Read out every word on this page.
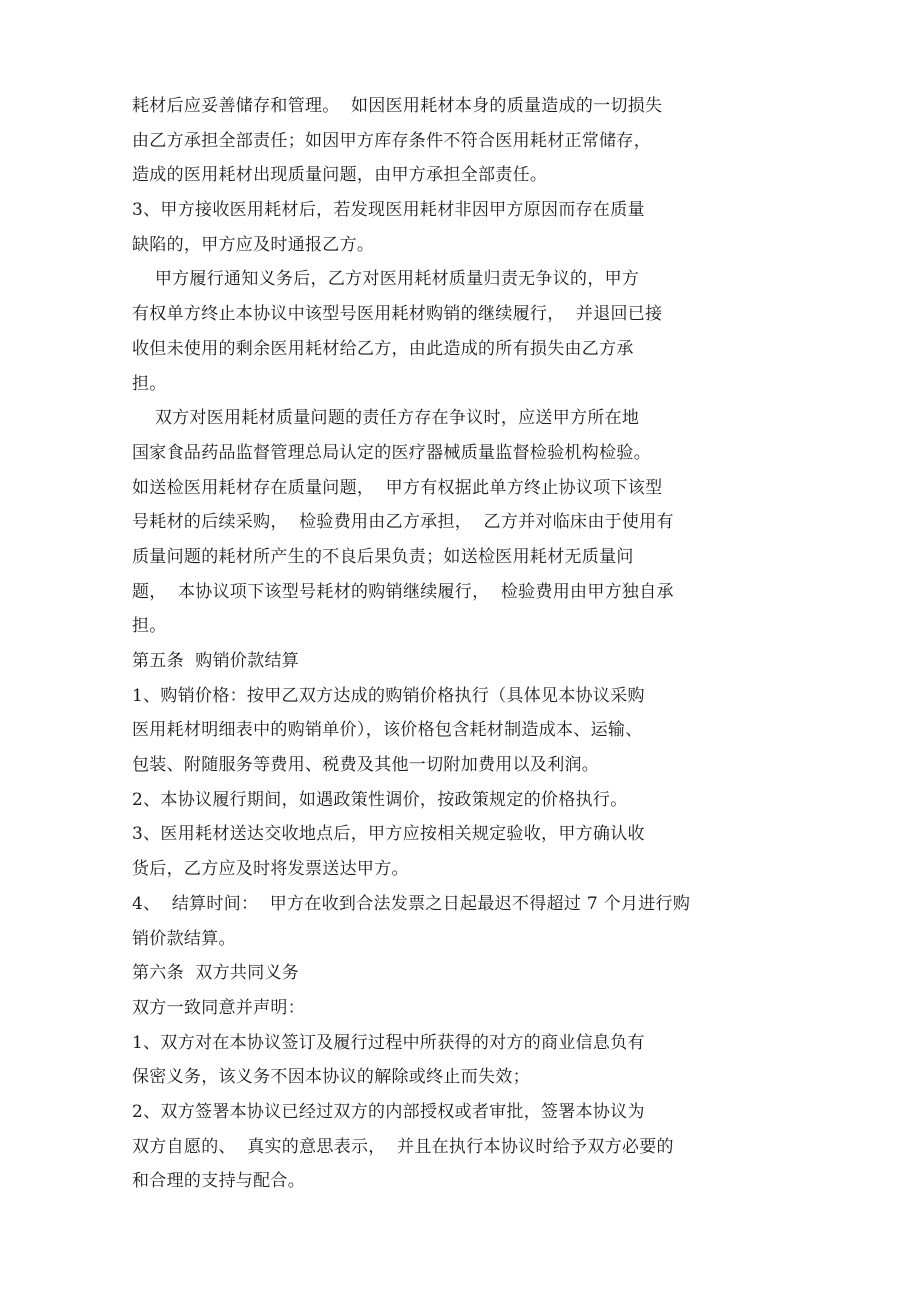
耗材后应妥善储存和管理。  如因医用耗材本身的质量造成的一切损失
由乙方承担全部责任；如因甲方库存条件不符合医用耗材正常储存，
造成的医用耗材出现质量问题，由甲方承担全部责任。
3、甲方接收医用耗材后，若发现医用耗材非因甲方原因而存在质量
缺陷的，甲方应及时通报乙方。
甲方履行通知义务后，乙方对医用耗材质量归责无争议的，甲方
有权单方终止本协议中该型号医用耗材购销的继续履行，  并退回已接
收但未使用的剩余医用耗材给乙方，由此造成的所有损失由乙方承
担。
双方对医用耗材质量问题的责任方存在争议时，应送甲方所在地
国家食品药品监督管理总局认定的医疗器械质量监督检验机构检验。
如送检医用耗材存在质量问题，  甲方有权据此单方终止协议项下该型
号耗材的后续采购，  检验费用由乙方承担，  乙方并对临床由于使用有
质量问题的耗材所产生的不良后果负责；如送检医用耗材无质量问
题，  本协议项下该型号耗材的购销继续履行，  检验费用由甲方独自承
担。
第五条  购销价款结算
1、购销价格：按甲乙双方达成的购销价格执行（具体见本协议采购
医用耗材明细表中的购销单价），该价格包含耗材制造成本、运输、
包装、附随服务等费用、税费及其他一切附加费用以及利润。
2、本协议履行期间，如遇政策性调价，按政策规定的价格执行。
3、医用耗材送达交收地点后，甲方应按相关规定验收，甲方确认收
货后，乙方应及时将发票送达甲方。
4、  结算时间：  甲方在收到合法发票之日起最迟不得超过 7 个月进行购
销价款结算。
第六条  双方共同义务
双方一致同意并声明：
1、双方对在本协议签订及履行过程中所获得的对方的商业信息负有
保密义务，该义务不因本协议的解除或终止而失效；
2、双方签署本协议已经过双方的内部授权或者审批，签署本协议为
双方自愿的、  真实的意思表示，  并且在执行本协议时给予双方必要的
和合理的支持与配合。
